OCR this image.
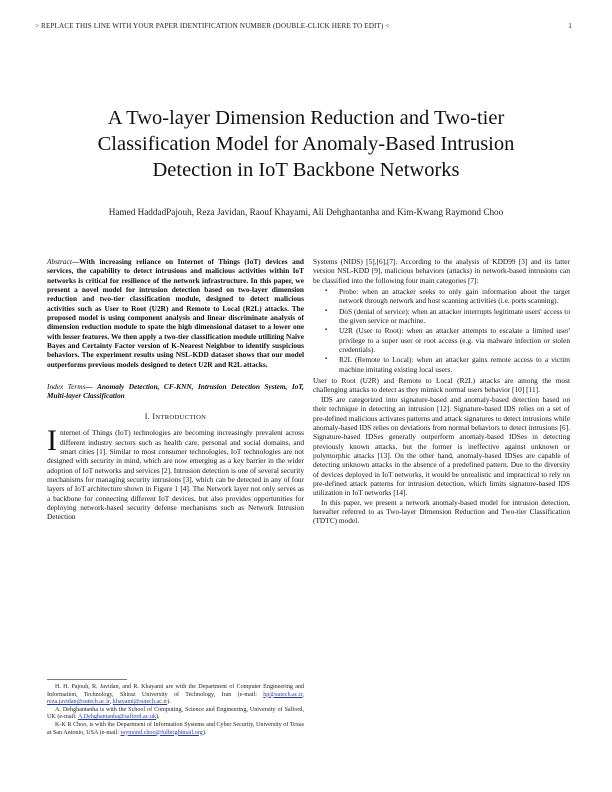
> REPLACE THIS LINE WITH YOUR PAPER IDENTIFICATION NUMBER (DOUBLE-CLICK HERE TO EDIT) <	1
A Two-layer Dimension Reduction and Two-tier Classification Model for Anomaly-Based Intrusion Detection in IoT Backbone Networks
Hamed HaddadPajouh, Reza Javidan, Raouf Khayami, Ali Dehghantanha and Kim-Kwang Raymond Choo
Abstract—With increasing reliance on Internet of Things (IoT) devices and services, the capability to detect intrusions and malicious activities within IoT networks is critical for resilience of the network infrastructure. In this paper, we present a novel model for intrusion detection based on two-layer dimension reduction and two-tier classification module, designed to detect malicious activities such as User to Root (U2R) and Remote to Local (R2L) attacks. The proposed model is using component analysis and linear discriminate analysis of dimension reduction module to spate the high dimensional dataset to a lower one with lesser features. We then apply a two-tier classification module utilizing Naïve Bayes and Certainty Factor version of K-Nearest Neighbor to identify suspicious behaviors. The experiment results using NSL-KDD dataset shows that our model outperforms previous models designed to detect U2R and R2L attacks.
Index Terms— Anomaly Detection, CF-KNN, Intrusion Detection System, IoT, Multi-layer Classification
I. INTRODUCTION

Internet of Things (IoT) technologies are becoming increasingly prevalent across different industry sectors such as health care, personal and social domains, and smart cities [1]. Similar to most consumer technologies, IoT technologies are not designed with security in mind, which are now emerging as a key barrier in the wider adoption of IoT networks and services [2]. Intrusion detection is one of several security mechanisms for managing security intrusions [3], which can be detected in any of four layers of IoT architecture shown in Figure 1 [4]. The Network layer not only serves as a backbone for connecting different IoT devices, but also provides opportunities for deploying network-based security defense mechanisms such as Network Intrusion Detection

H. H. Pajouh, R. Javidan, and R. Khayami are with the Department of Computer Engineering and Information, Technology, Shiraz University of Technology, Iran (e-mail: hp@sutech.ac.ir, reza.javidan@sutech.ac.ir, khayami@sutech.ac.ir).

A. Dehghantanha is with the School of Computing, Science and Engineering, University of Salford, UK (e-mail: A.Dehghantanha@salford.ac.uk).

K-K R Choo, is with the Department of Information Systems and Cyber Security, University of Texas at San Antonio, USA (e-mail: raymond.choo@fulbrightmail.org).

Systems (NIDS) [5],[6],[7]. According to the analysis of KDD99 [3] and its latter version NSL-KDD [9], malicious behaviors (attacks) in network-based intrusions can be classified into the following four main categories [7]:

▪ Probe: when an attacker seeks to only gain information about the target network through network and host scanning activities (i.e. ports scanning).
▪ DoS (denial of service): when an attacker interrupts legitimate users' access to the given service or machine.
▪ U2R (User to Root): when an attacker attempts to escalate a limited user' privilege to a super user or root access (e.g. via malware infection or stolen credentials).
▪ R2L (Remote to Local): when an attacker gains remote access to a victim machine imitating existing local users.

User to Root (U2R) and Remote to Local (R2L) attacks are among the most challenging attacks to detect as they mimick normal users behavior [10] [11].

IDS are categorized into signature-based and anomaly-based detection based on their technique in detecting an intrusion [12]. Signature-based IDS relies on a set of pre-defined malicious activates patterns and attack signatures to detect intrusions while anomaly-based IDS relies on deviations from normal behaviors to detect intrusions [6]. Signature-based IDSes generally outperform anomaly-based IDSes in detecting previously known attacks, but the former is ineffective against unknown or polymorphic attacks [13]. On the other hand, anomaly-based IDSes are capable of detecting unknown attacks in the absence of a predefined pattern. Due to the diversity of devices deployed in IoT networks, it would be unrealistic and impractical to rely on pre-defined attack patterns for intrusion detection, which limits signature-based IDS utilization in IoT networks [14].

In this paper, we present a network anomaly-based model for intrusion detection, hereafter referred to as Two-layer Dimension Reduction and Two-tier Classification (TDTC) model.
